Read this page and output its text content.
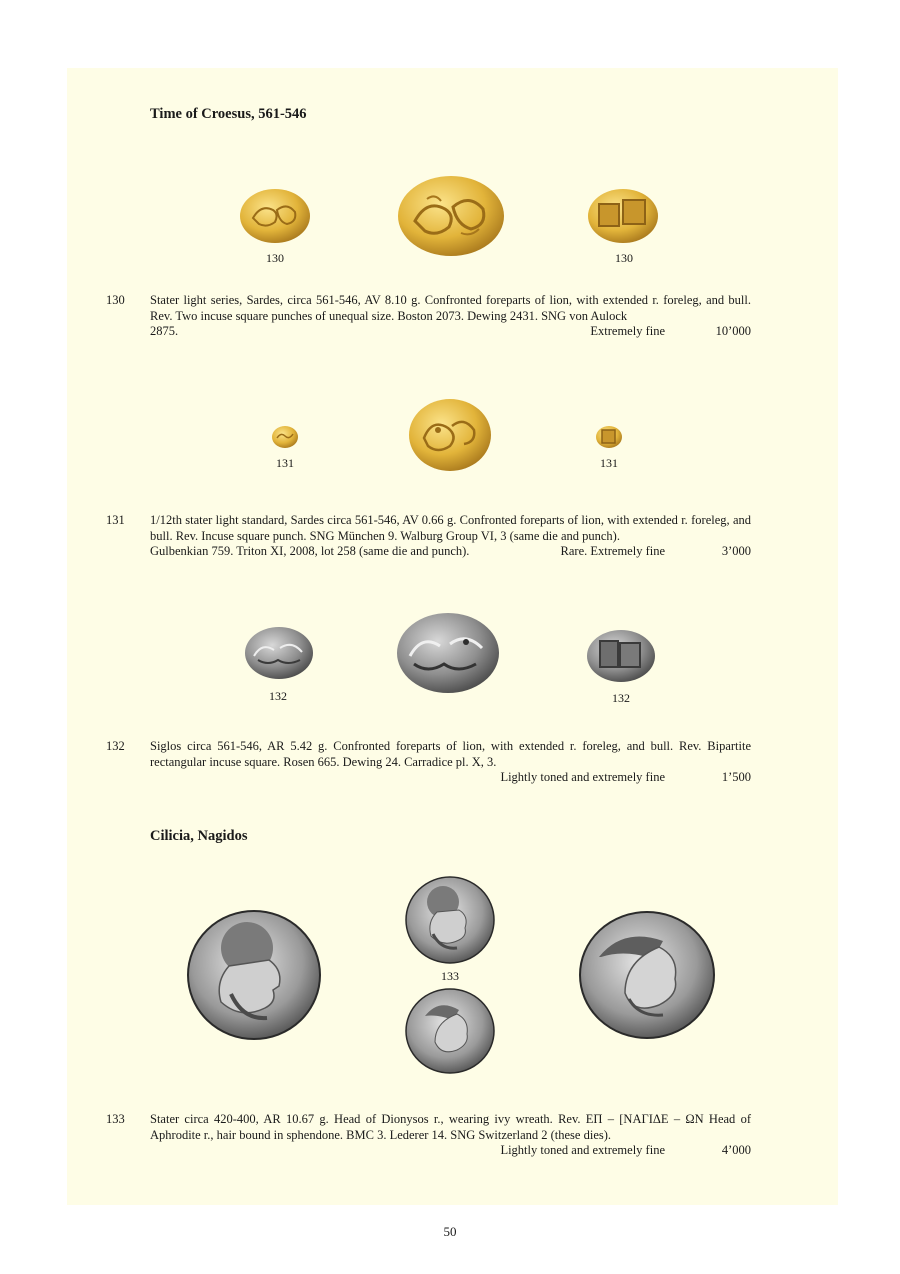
Time of Croesus, 561-546
130	130
130 Stater light series, Sardes, circa 561-546, AV 8.10 g. Confronted foreparts of lion, with extended r. foreleg, and bull. Rev. Two incuse square punches of unequal size. Boston 2073. Dewing 2431. SNG von Aulock
2875.	Extremely fine	10’000
131	131
131 1/12th stater light standard, Sardes circa 561-546, AV 0.66 g. Confronted foreparts of lion, with extended r. foreleg, and bull. Rev. Incuse square punch. SNG München 9. Walburg Group VI, 3 (same die and punch).
Gulbenkian 759. Triton XI, 2008, lot 258 (same die and punch).	Rare. Extremely fine	3’000
132	132
132 Siglos circa 561-546, AR 5.42 g. Confronted foreparts of lion, with extended r. foreleg, and bull. Rev. Bipartite rectangular incuse square. Rosen 665. Dewing 24. Carradice pl. X, 3.
Lightly toned and extremely fine	1’500
Cilicia, Nagidos
133
133 Stater circa 420-400, AR 10.67 g. Head of Dionysos r., wearing ivy wreath. Rev. ΕΠ – [ΝΑΓΙΔΕ – ΩΝ Head of Aphrodite r., hair bound in sphendone. BMC 3. Lederer 14. SNG Switzerland 2 (these dies).
Lightly toned and extremely fine	4’000
50
